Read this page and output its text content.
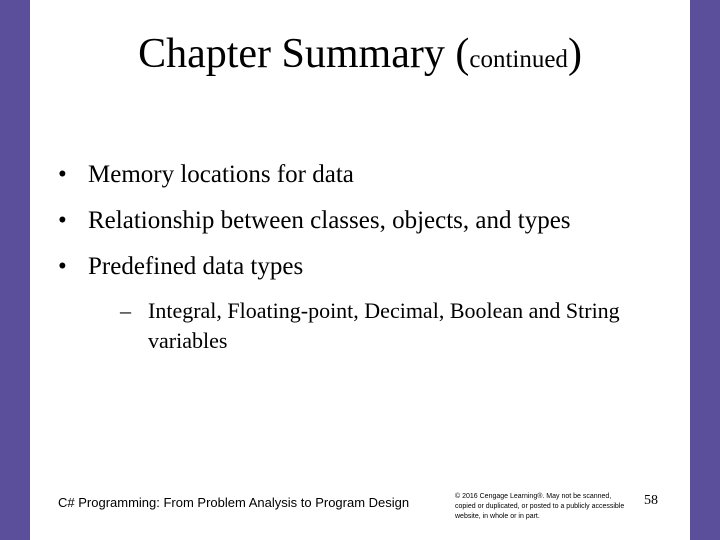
Chapter Summary (continued)
• Memory locations for data
• Relationship between classes, objects, and types
• Predefined data types
– Integral, Floating-point, Decimal, Boolean and String variables
C# Programming: From Problem Analysis to Program Design	© 2016 Cengage Learning®. May not be scanned, copied or duplicated, or posted to a publicly accessible website, in whole or in part.
58
